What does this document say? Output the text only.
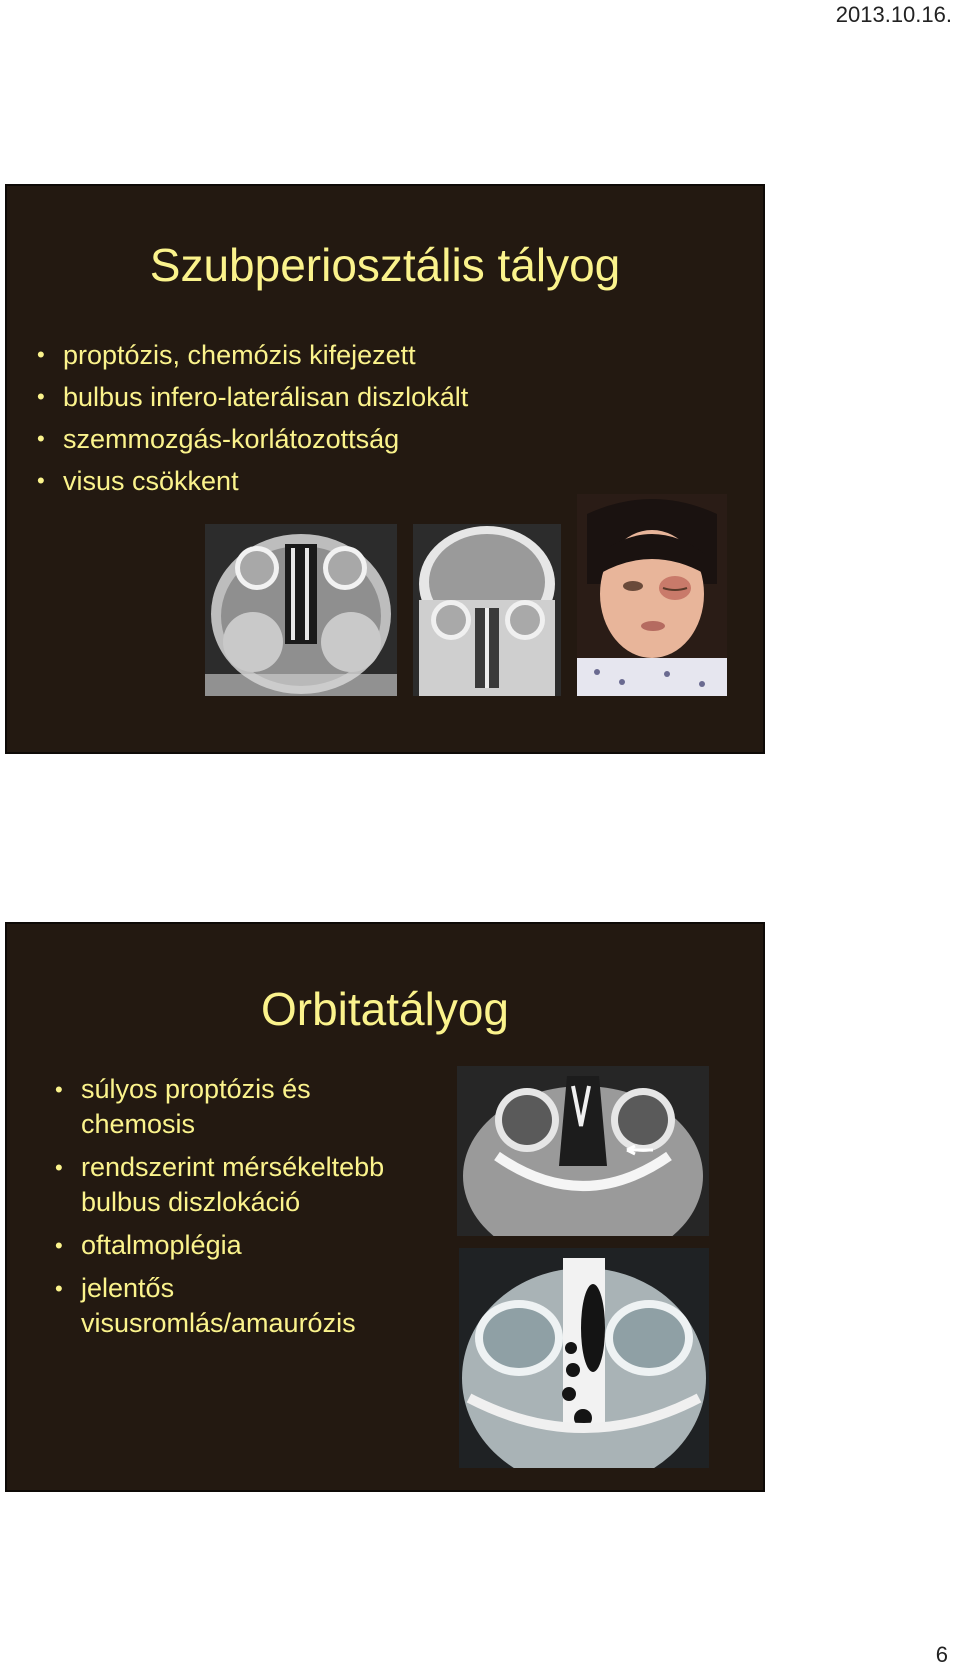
2013.10.16.
Szubperiosztális tályog
• proptózis, chemózis kifejezett
• bulbus infero-laterálisan diszlokált
• szemmozgás-korlátozottság
• visus csökkent
Orbitatályog
• súlyos proptózis és chemosis
• rendszerint mérsékeltebb bulbus diszlokáció
• oftalmoplégia
• jelentős visusromlás/amaurózis
6
